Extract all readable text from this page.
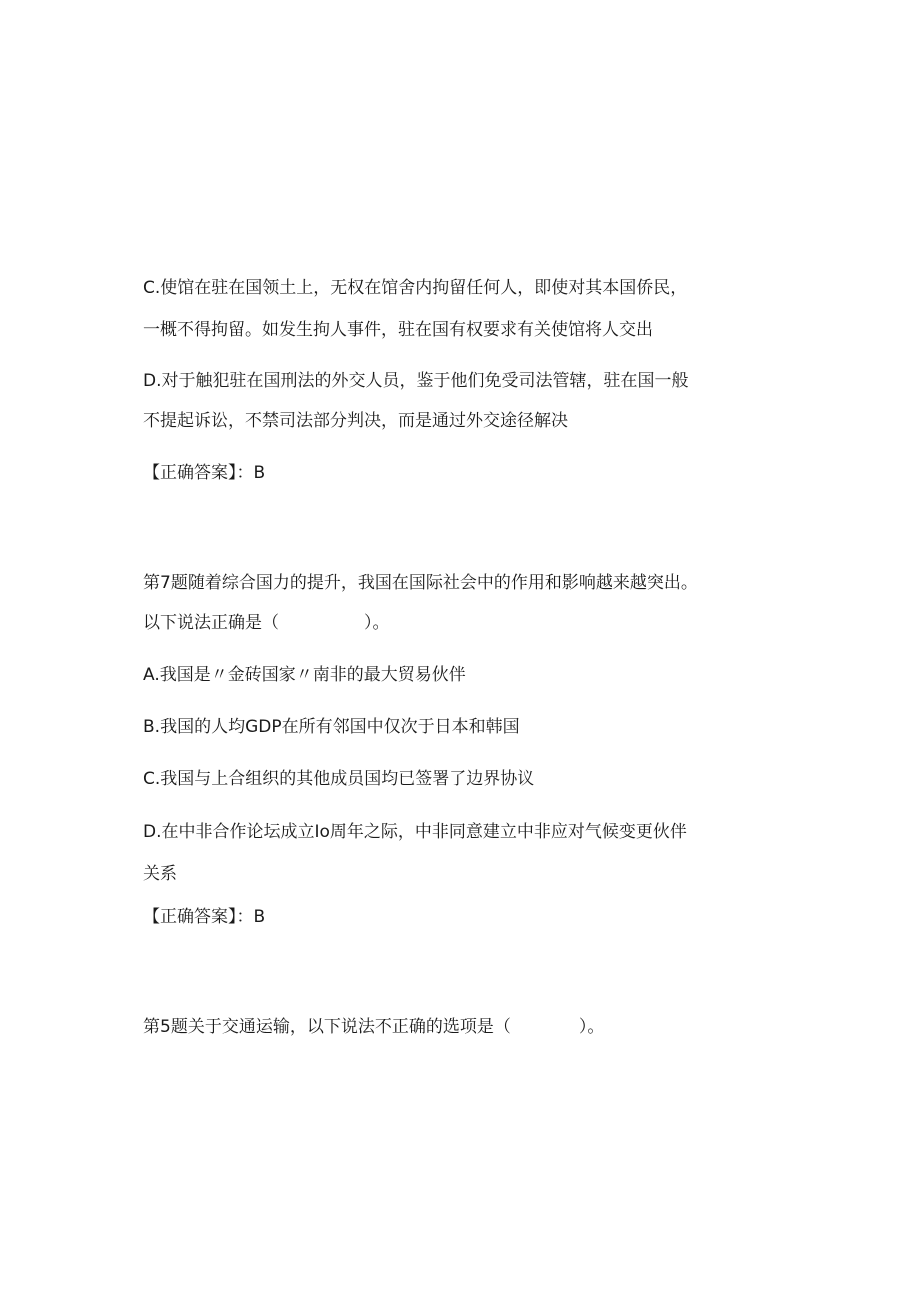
C.使馆在驻在国领土上，无权在馆舍内拘留任何人，即使对其本国侨民，
一概不得拘留。如发生拘人事件，驻在国有权要求有关使馆将人交出
D.对于触犯驻在国刑法的外交人员，鉴于他们免受司法管辖，驻在国一般
不提起诉讼，不禁司法部分判决，而是通过外交途径解决
【正确答案】：B
第7题随着综合国力的提升，我国在国际社会中的作用和影响越来越突出。
以下说法正确是（　　　　　）。
A.我国是〃金砖国家〃南非的最大贸易伙伴
B.我国的人均GDP在所有邻国中仅次于日本和韩国
C.我国与上合组织的其他成员国均已签署了边界协议
D.在中非合作论坛成立Io周年之际，中非同意建立中非应对气候变更伙伴
关系
【正确答案】：B
第5题关于交通运输，以下说法不正确的选项是（　　　　）。
